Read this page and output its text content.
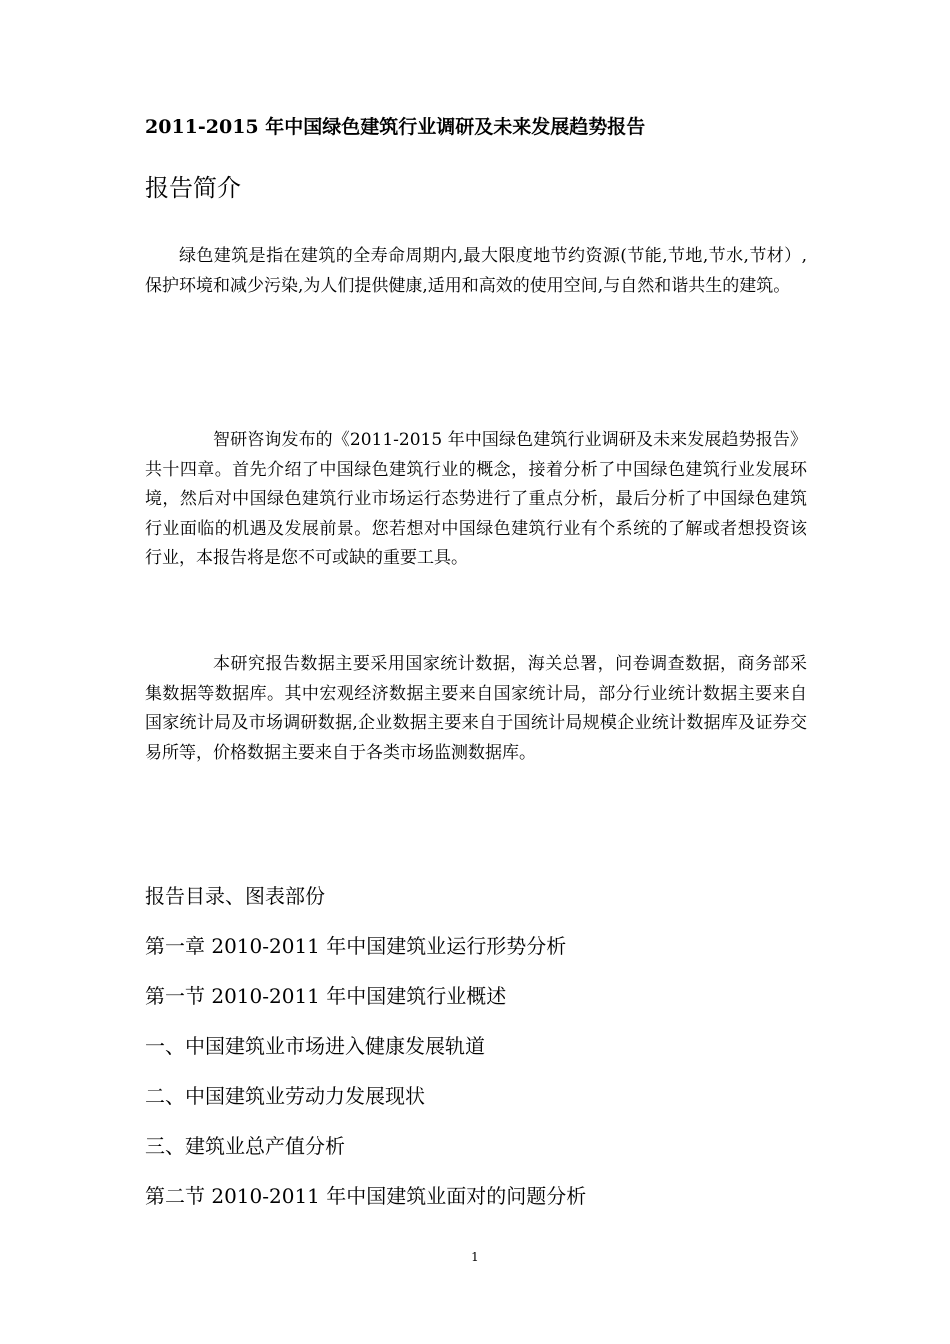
2011-2015 年中国绿色建筑行业调研及未来发展趋势报告
报告简介

绿色建筑是指在建筑的全寿命周期内,最大限度地节约资源(节能,节地,节水,节材）,保护环境和减少污染,为人们提供健康,适用和高效的使用空间,与自然和谐共生的建筑。

智研咨询发布的《2011-2015 年中国绿色建筑行业调研及未来发展趋势报告》共十四章。首先介绍了中国绿色建筑行业的概念，接着分析了中国绿色建筑行业发展环境，然后对中国绿色建筑行业市场运行态势进行了重点分析，最后分析了中国绿色建筑行业面临的机遇及发展前景。您若想对中国绿色建筑行业有个系统的了解或者想投资该行业，本报告将是您不可或缺的重要工具。

本研究报告数据主要采用国家统计数据，海关总署，问卷调查数据，商务部采集数据等数据库。其中宏观经济数据主要来自国家统计局，部分行业统计数据主要来自国家统计局及市场调研数据,企业数据主要来自于国统计局规模企业统计数据库及证券交易所等，价格数据主要来自于各类市场监测数据库。

报告目录、图表部份
第一章 2010-2011 年中国建筑业运行形势分析
第一节 2010-2011 年中国建筑行业概述
一、中国建筑业市场进入健康发展轨道
二、中国建筑业劳动力发展现状
三、建筑业总产值分析
第二节 2010-2011 年中国建筑业面对的问题分析
1
